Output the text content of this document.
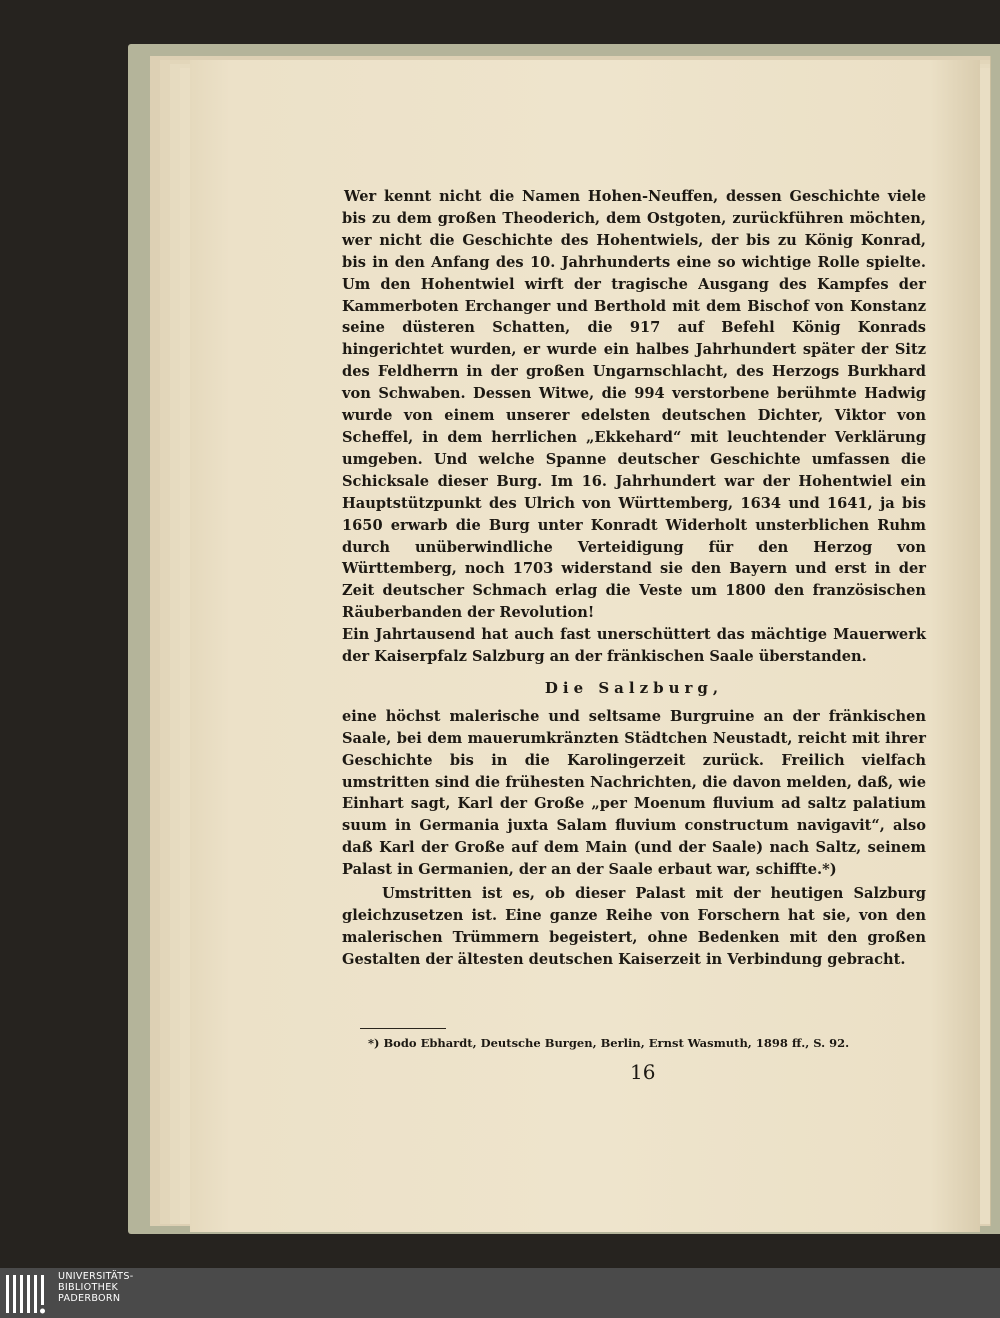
Wer kennt nicht die Namen Hohen-Neuffen, dessen Geschichte viele bis zu dem großen Theoderich, dem Ostgoten, zurückführen möchten, wer nicht die Geschichte des Hohentwiels, der bis zu König Konrad, bis in den Anfang des 10. Jahrhunderts eine so wichtige Rolle spielte. Um den Hohentwiel wirft der tragische Ausgang des Kampfes der Kammerboten Erchanger und Berthold mit dem Bischof von Konstanz seine düsteren Schatten, die 917 auf Befehl König Konrads hingerichtet wurden, er wurde ein halbes Jahrhundert später der Sitz des Feldherrn in der großen Ungarnschlacht, des Herzogs Burkhard von Schwaben. Dessen Witwe, die 994 verstorbene berühmte Hadwig wurde von einem unserer edelsten deutschen Dichter, Viktor von Scheffel, in dem herrlichen „Ekkehard“ mit leuchtender Verklärung umgeben. Und welche Spanne deutscher Geschichte umfassen die Schicksale dieser Burg. Im 16. Jahrhundert war der Hohentwiel ein Hauptstützpunkt des Ulrich von Württemberg, 1634 und 1641, ja bis 1650 erwarb die Burg unter Konradt Widerholt unsterblichen Ruhm durch unüberwindliche Verteidigung für den Herzog von Württemberg, noch 1703 widerstand sie den Bayern und erst in der Zeit deutscher Schmach erlag die Veste um 1800 den französischen Räuberbanden der Revolution!

Ein Jahrtausend hat auch fast unerschüttert das mächtige Mauerwerk der Kaiserpfalz Salzburg an der fränkischen Saale überstanden.

Die Salzburg,

eine höchst malerische und seltsame Burgruine an der fränkischen Saale, bei dem mauerumkränzten Städtchen Neustadt, reicht mit ihrer Geschichte bis in die Karolingerzeit zurück. Freilich vielfach umstritten sind die frühesten Nachrichten, die davon melden, daß, wie Einhart sagt, Karl der Große „per Moenum fluvium ad saltz palatium suum in Germania juxta Salam fluvium constructum navigavit“, also daß Karl der Große auf dem Main (und der Saale) nach Saltz, seinem Palast in Germanien, der an der Saale erbaut war, schiffte.*)

Umstritten ist es, ob dieser Palast mit der heutigen Salzburg gleichzusetzen ist. Eine ganze Reihe von Forschern hat sie, von den malerischen Trümmern begeistert, ohne Bedenken mit den großen Gestalten der ältesten deutschen Kaiserzeit in Verbindung gebracht.

*) Bodo Ebhardt, Deutsche Burgen, Berlin, Ernst Wasmuth, 1898 ff., S. 92.
16
UNIVERSITÄTS-
BIBLIOTHEK
PADERBORN
